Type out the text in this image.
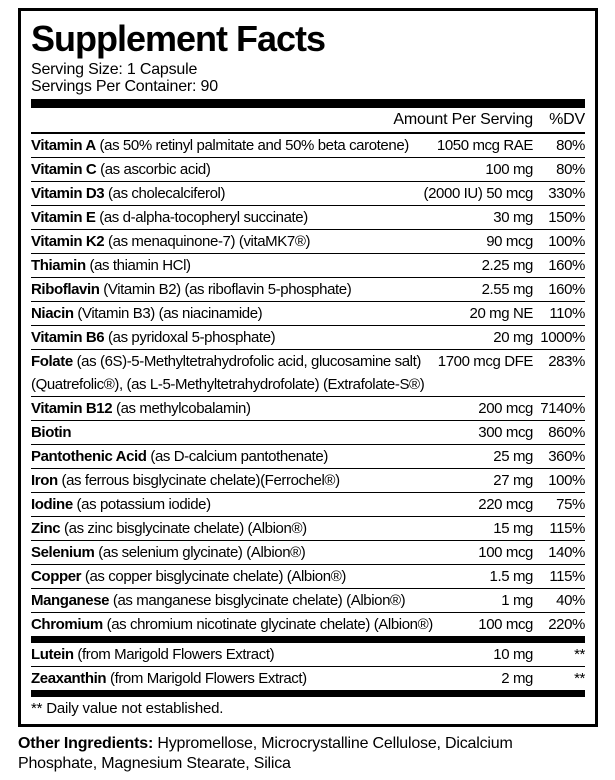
Supplement Facts
Serving Size: 1 Capsule
Servings Per Container: 90
Amount Per Serving %DV
1050 mcg RAE 80%
Vitamin A (as 50% retinyl palmitate and 50% beta carotene)
100 mg 80%
Vitamin C (as ascorbic acid)
(2000 IU) 50 mcg 330%
Vitamin D3 (as cholecalciferol)
30 mg 150%
Vitamin E (as d-alpha-tocopheryl succinate)
90 mcg 100%
Vitamin K2 (as menaquinone-7) (vitaMK7®)
2.25 mg 160%
Thiamin (as thiamin HCl)
2.55 mg 160%
Riboflavin (Vitamin B2) (as riboflavin 5-phosphate)
20 mg NE 110%
Niacin (Vitamin B3) (as niacinamide)
20 mg 1000%
Vitamin B6 (as pyridoxal 5-phosphate)
1700 mcg DFE 283%
Folate (as (6S)-5-Methyltetrahydrofolic acid, glucosamine salt)(Quatrefolic®), (as L-5-Methyltetrahydrofolate) (Extrafolate-S®)
200 mcg 7140%
Vitamin B12 (as methylcobalamin)
300 mcg 860%
Biotin
25 mg 360%
Pantothenic Acid (as D-calcium pantothenate)
27 mg 100%
Iron (as ferrous bisglycinate chelate)(Ferrochel®)
220 mcg 75%
Iodine (as potassium iodide)
15 mg 115%
Zinc (as zinc bisglycinate chelate) (Albion®)
100 mcg 140%
Selenium (as selenium glycinate) (Albion®)
1.5 mg 115%
Copper (as copper bisglycinate chelate) (Albion®)
1 mg 40%
Manganese (as manganese bisglycinate chelate) (Albion®)
100 mcg 220%
Chromium (as chromium nicotinate glycinate chelate) (Albion®)
10 mg	**
Lutein (from Marigold Flowers Extract)
2 mg	**
Zeaxanthin (from Marigold Flowers Extract)
** Daily value not established.
Other Ingredients: Hypromellose, Microcrystalline Cellulose, Dicalcium Phosphate, Magnesium Stearate, Silica
